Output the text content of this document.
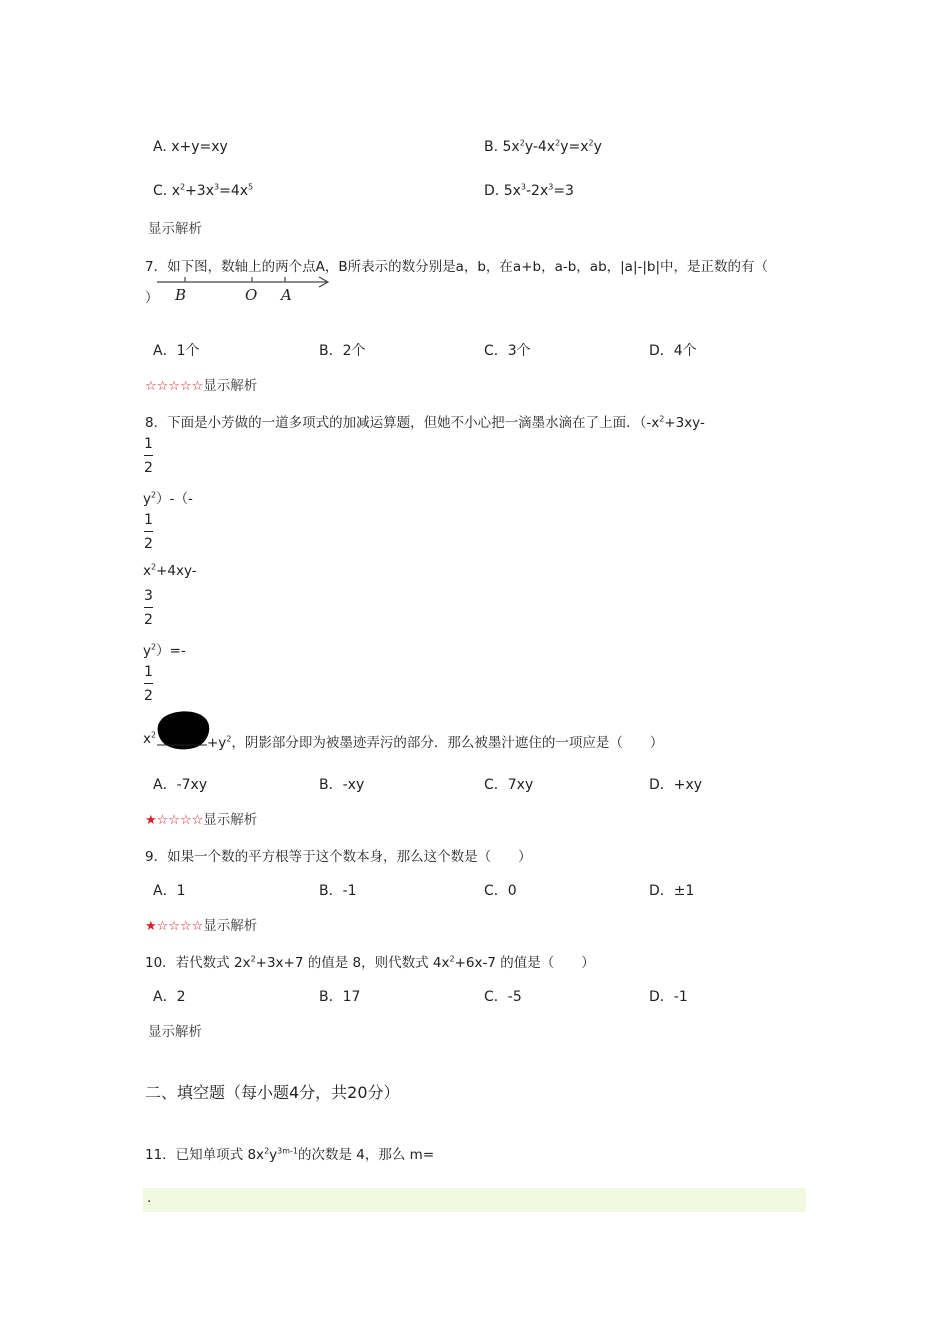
A. x+y=xy	B. $5x^2y-4x^2y=x^2y$
C. $x^2+3x^3=4x^5$	D. $5x^3-2x^3=3$
显示解析
7．如下图，数轴上的两个点A，B所表示的数分别是a，b，在a+b，a-b，ab，|a|-|b|中，是正数的有（
） B	O A
A．1个	B．2个	C．3个	D．4个
☆☆☆☆☆显示解析
8．下面是小芳做的一道多项式的加减运算题，但她不小心把一滴墨水滴在了上面．（$-x^2+3xy-$
1
2
$y^2)-(-$
1
2
$x^2+4xy-$
3
2
$y^2)=-$
1
2
$x^2$	$+y^2$，阴影部分即为被墨迹弄污的部分．那么被墨汁遮住的一项应是（　　）
A．-7xy	B．-xy	C．7xy	D．+xy
★☆☆☆☆显示解析
9．如果一个数的平方根等于这个数本身，那么这个数是（　　）
A．1	B．-1	C．0	D．±1
★☆☆☆☆显示解析
10．若代数式 $2x^2+3x+7$ 的值是 8，则代数式 $4x^2+6x-7$ 的值是（　　）
A．2	B．17	C．-5	D．-1
显示解析
二、填空题（每小题4分，共20分）
11．已知单项式 $8x^2y^{3m-1}$的次数是 4，那么 m=
.
